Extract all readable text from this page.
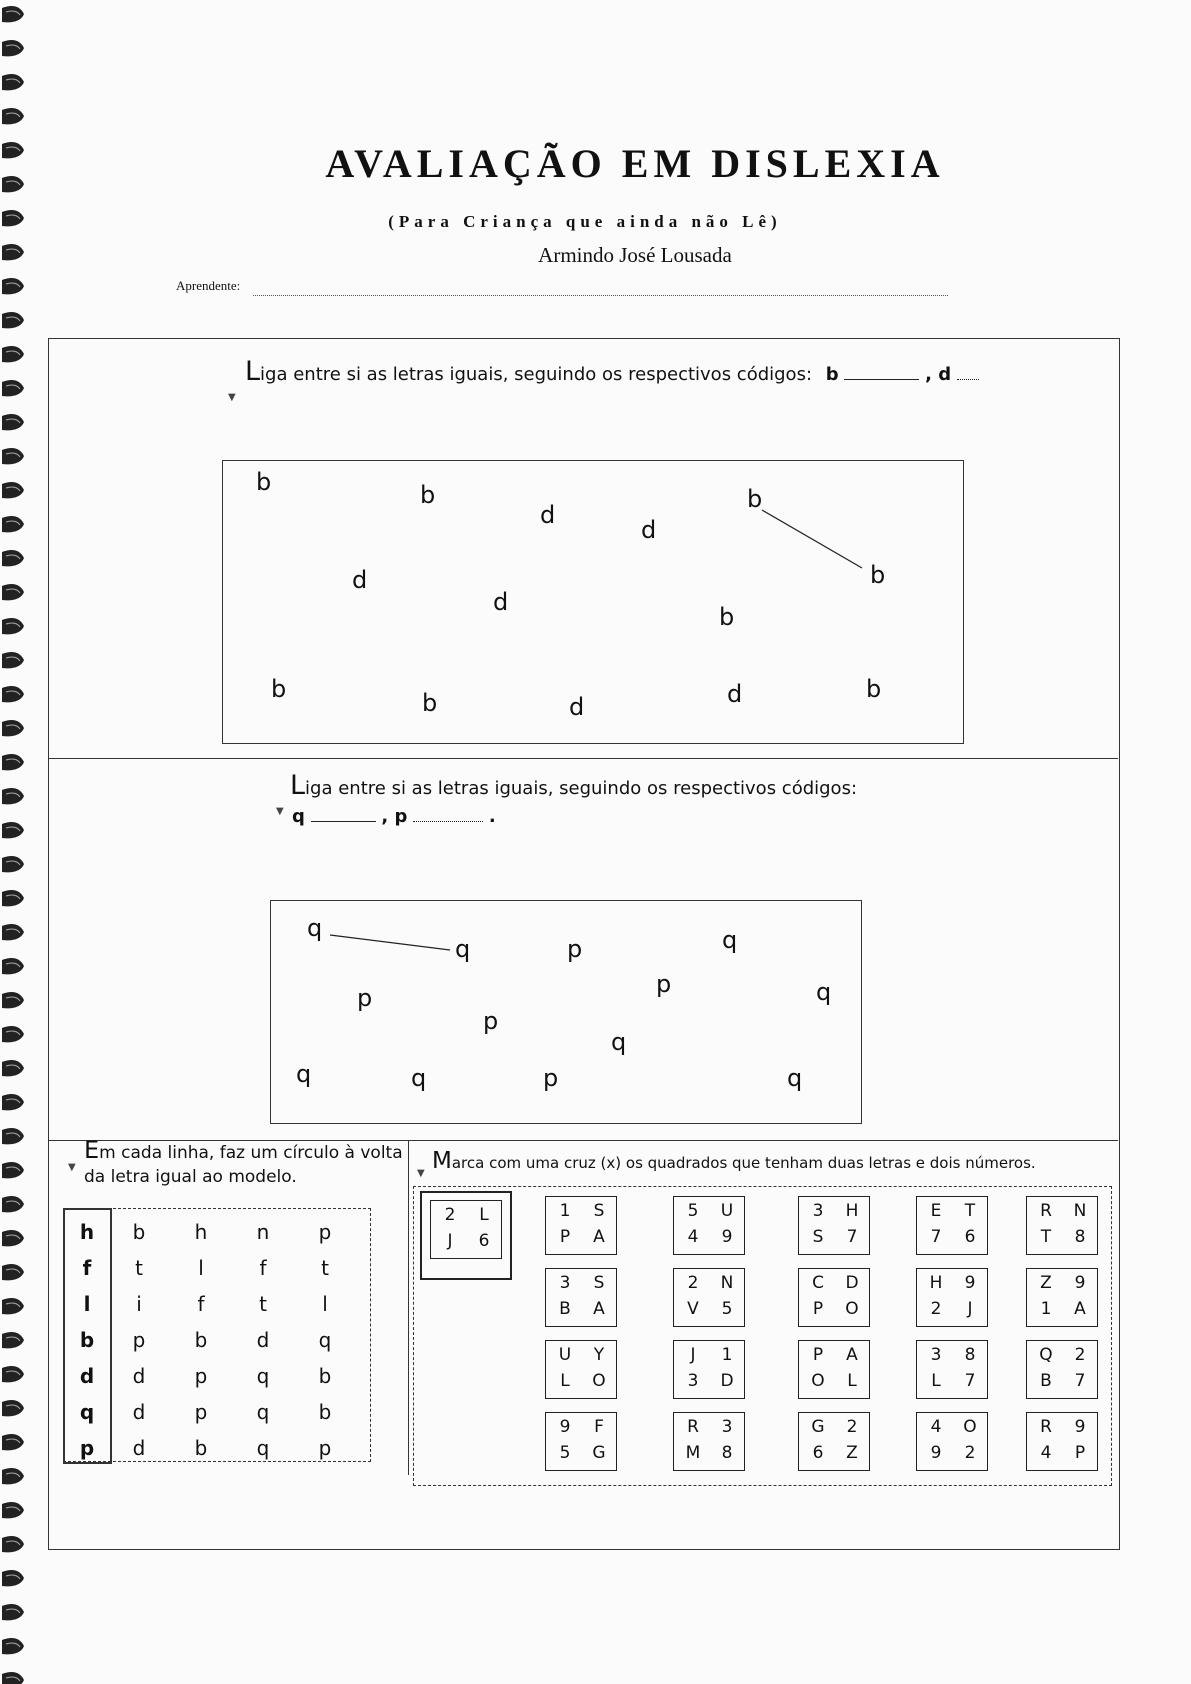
AVALIAÇÃO EM DISLEXIA
(Para Criança que ainda não Lê)
Armindo José Lousada
Aprendente:
Liga entre si as letras iguais, seguindo os respectivos códigos: b	, d
▼
b	b
d
d
b
b
d
d
b
b	b	d	d	b
Liga entre si as letras iguais, seguindo os respectivos códigos:
q	, p	.
▼
q
q	p	q
p	p	q
p
q
q	q	p	q
Em cada linha, faz um círculo à volta
da letra igual ao modelo.
▼
h	b	h	n	p
f	t	l	f	t
l	i	f	t	l
b	p	b	d	q
d	d	p	q	b
q	d	p	q	b
p	d	b	q	p
Marca com uma cruz (x) os quadrados que tenham duas letras e dois números.
▼
2	L
J	6
1	S
P	A
5	U
4	9
3	H
S	7
E	T
7	6
R	N
T	8
3	S
B	A
2	N
V	5
C	D
P	O
H	9
2	J
Z	9
1	A
U	Y
L	O
J	1
3	D
P	A
O	L
3	8
L	7
Q	2
B	7
9	F
5	G
R	3
M	8
G	2
6	Z
4	O
9	2
R	9
4	P
